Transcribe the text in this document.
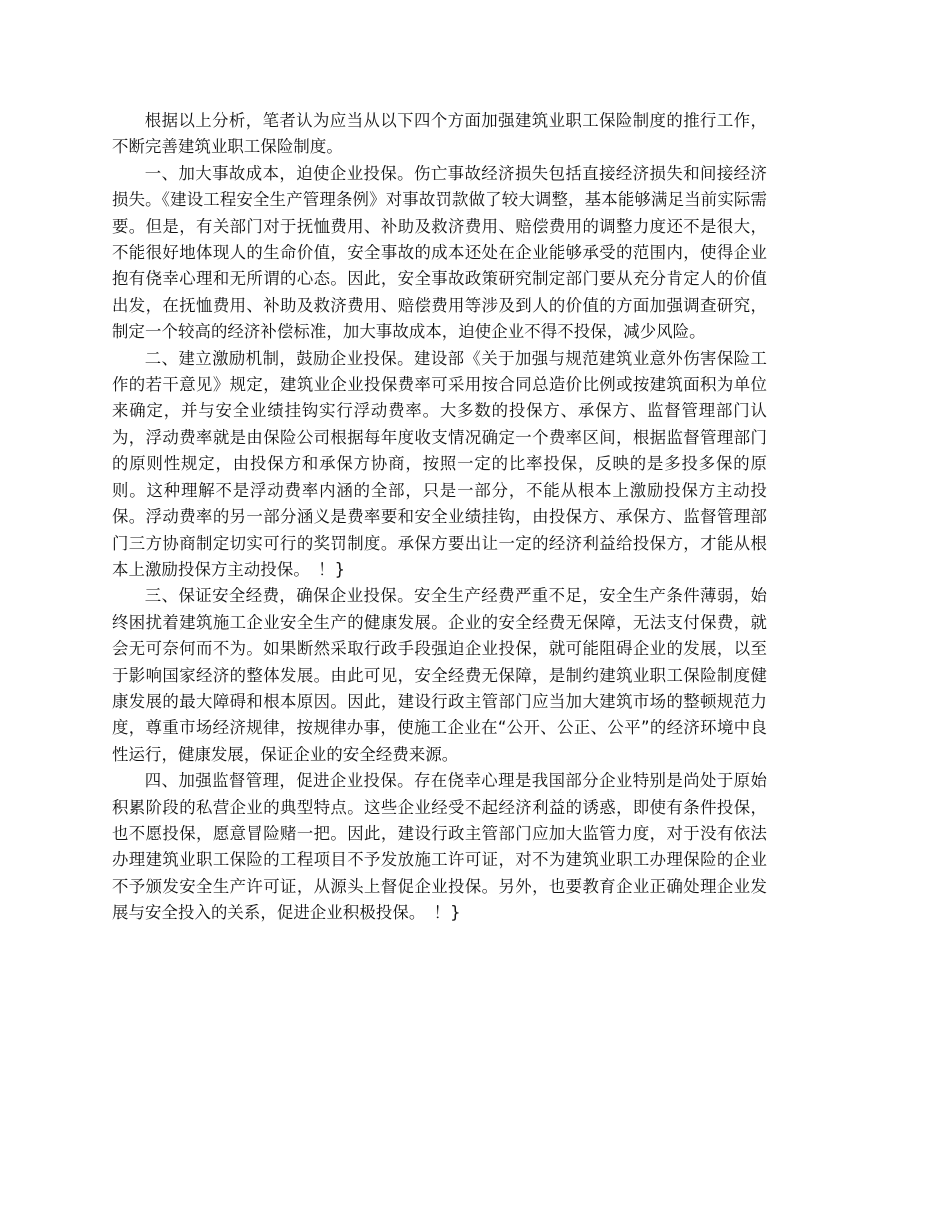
根据以上分析，笔者认为应当从以下四个方面加强建筑业职工保险制度的推行工作，不断完善建筑业职工保险制度。

一、加大事故成本，迫使企业投保。伤亡事故经济损失包括直接经济损失和间接经济损失。《建设工程安全生产管理条例》对事故罚款做了较大调整，基本能够满足当前实际需要。但是，有关部门对于抚恤费用、补助及救济费用、赔偿费用的调整力度还不是很大，不能很好地体现人的生命价值，安全事故的成本还处在企业能够承受的范围内，使得企业抱有侥幸心理和无所谓的心态。因此，安全事故政策研究制定部门要从充分肯定人的价值出发，在抚恤费用、补助及救济费用、赔偿费用等涉及到人的价值的方面加强调查研究，制定一个较高的经济补偿标准，加大事故成本，迫使企业不得不投保，减少风险。

二、建立激励机制，鼓励企业投保。建设部《关于加强与规范建筑业意外伤害保险工作的若干意见》规定，建筑业企业投保费率可采用按合同总造价比例或按建筑面积为单位来确定，并与安全业绩挂钩实行浮动费率。大多数的投保方、承保方、监督管理部门认为，浮动费率就是由保险公司根据每年度收支情况确定一个费率区间，根据监督管理部门的原则性规定，由投保方和承保方协商，按照一定的比率投保，反映的是多投多保的原则。这种理解不是浮动费率内涵的全部，只是一部分，不能从根本上激励投保方主动投保。浮动费率的另一部分涵义是费率要和安全业绩挂钩，由投保方、承保方、监督管理部门三方协商制定切实可行的奖罚制度。承保方要出让一定的经济利益给投保方，才能从根本上激励投保方主动投保。　！}

三、保证安全经费，确保企业投保。安全生产经费严重不足，安全生产条件薄弱，始终困扰着建筑施工企业安全生产的健康发展。企业的安全经费无保障，无法支付保费，就会无可奈何而不为。如果断然采取行政手段强迫企业投保，就可能阻碍企业的发展，以至于影响国家经济的整体发展。由此可见，安全经费无保障，是制约建筑业职工保险制度健康发展的最大障碍和根本原因。因此，建设行政主管部门应当加大建筑市场的整顿规范力度，尊重市场经济规律，按规律办事，使施工企业在“公开、公正、公平”的经济环境中良性运行，健康发展，保证企业的安全经费来源。

四、加强监督管理，促进企业投保。存在侥幸心理是我国部分企业特别是尚处于原始积累阶段的私营企业的典型特点。这些企业经受不起经济利益的诱惑，即使有条件投保，也不愿投保，愿意冒险赌一把。因此，建设行政主管部门应加大监管力度，对于没有依法办理建筑业职工保险的工程项目不予发放施工许可证，对不为建筑业职工办理保险的企业不予颁发安全生产许可证，从源头上督促企业投保。另外，也要教育企业正确处理企业发展与安全投入的关系，促进企业积极投保。　！}
